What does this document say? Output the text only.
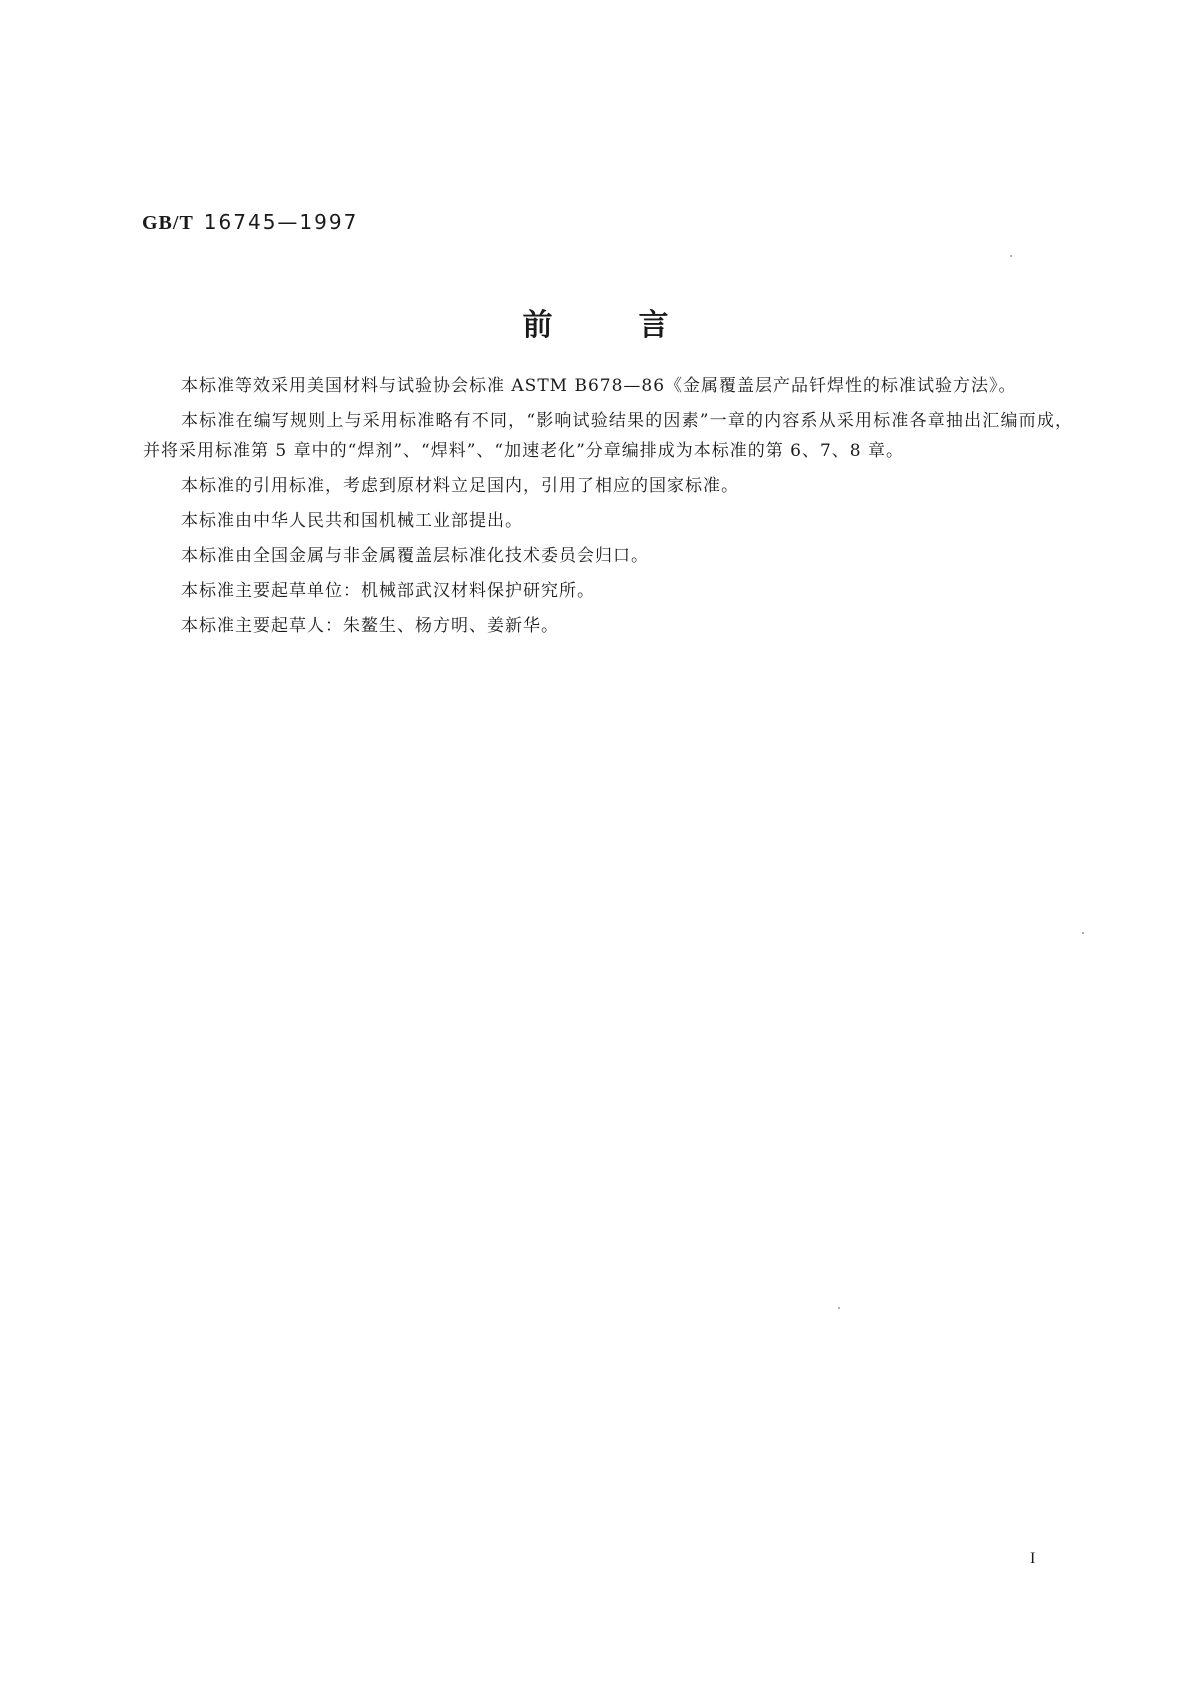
GB/T 16745—1997
前言

本标准等效采用美国材料与试验协会标准 ASTM B678—86《金属覆盖层产品钎焊性的标准试验方法》。

本标准在编写规则上与采用标准略有不同，“影响试验结果的因素”一章的内容系从采用标准各章抽出汇编而成，并将采用标准第 5 章中的“焊剂”、“焊料”、“加速老化”分章编排成为本标准的第 6、7、8 章。

本标准的引用标准，考虑到原材料立足国内，引用了相应的国家标准。

本标准由中华人民共和国机械工业部提出。

本标准由全国金属与非金属覆盖层标准化技术委员会归口。

本标准主要起草单位：机械部武汉材料保护研究所。

本标准主要起草人：朱鳌生、杨方明、姜新华。

I
